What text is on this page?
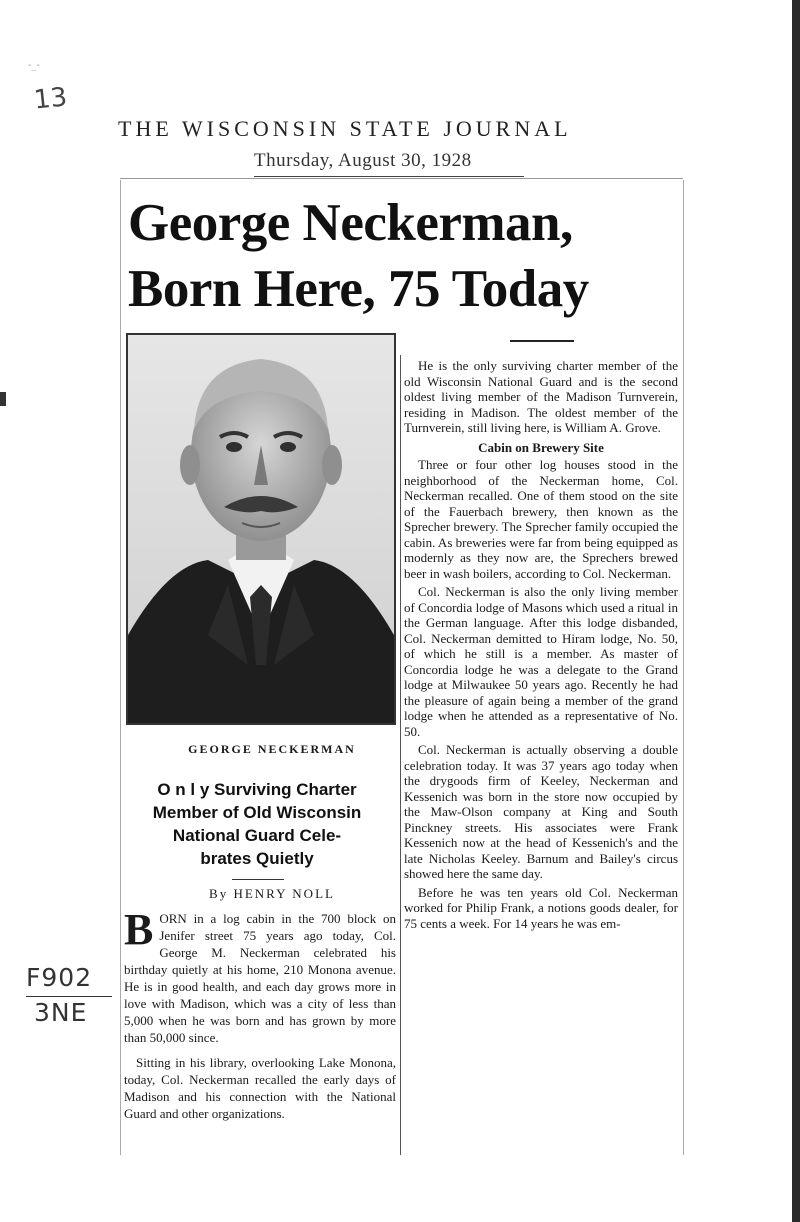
-_-
13
THE WISCONSIN STATE JOURNAL
Thursday, August 30, 1928
George Neckerman,
Born Here, 75 Today
GEORGE NECKERMAN
O n l y Surviving Charter
Member of Old Wisconsin
National Guard Cele-
brates Quietly
By HENRY NOLL

BORN in a log cabin in the 700 block on Jenifer street 75 years ago today, Col. George M. Neckerman celebrated his birthday quietly at his home, 210 Monona avenue. He is in good health, and each day grows more in love with Madison, which was a city of less than 5,000 when he was born and has grown by more than 50,000 since.

Sitting in his library, overlooking Lake Monona, today, Col. Neckerman recalled the early days of Madison and his connection with the National Guard and other organizations.

He is the only surviving charter member of the old Wisconsin National Guard and is the second oldest living member of the Madison Turnverein, residing in Madison. The oldest member of the Turnverein, still living here, is William A. Grove.

Cabin on Brewery Site

Three or four other log houses stood in the neighborhood of the Neckerman home, Col. Neckerman recalled. One of them stood on the site of the Fauerbach brewery, then known as the Sprecher brewery. The Sprecher family occupied the cabin. As breweries were far from being equipped as modernly as they now are, the Sprechers brewed beer in wash boilers, according to Col. Neckerman.

Col. Neckerman is also the only living member of Concordia lodge of Masons which used a ritual in the German language. After this lodge disbanded, Col. Neckerman demitted to Hiram lodge, No. 50, of which he still is a member. As master of Concordia lodge he was a delegate to the Grand lodge at Milwaukee 50 years ago. Recently he had the pleasure of again being a member of the grand lodge when he attended as a representative of No. 50.

Col. Neckerman is actually observing a double celebration today. It was 37 years ago today when the drygoods firm of Keeley, Neckerman and Kessenich was born in the store now occupied by the Maw-Olson company at King and South Pinckney streets. His associates were Frank Kessenich now at the head of Kessenich's and the late Nicholas Keeley. Barnum and Bailey's circus showed here the same day.

Before he was ten years old Col. Neckerman worked for Philip Frank, a notions goods dealer, for 75 cents a week. For 14 years he was em-

F902
3NE
